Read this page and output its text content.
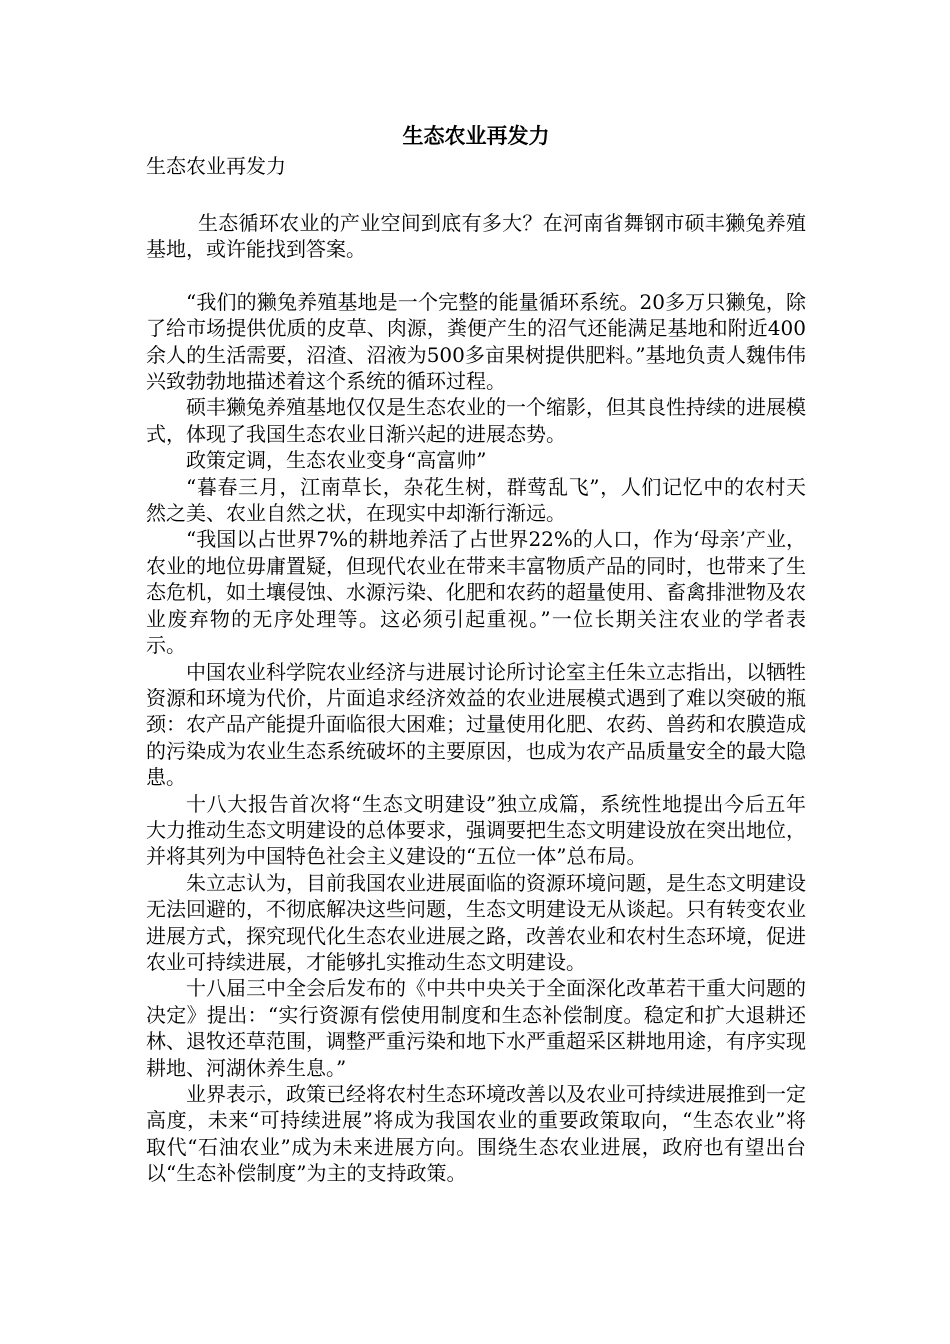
生态农业再发力

生态农业再发力

生态循环农业的产业空间到底有多大？在河南省舞钢市硕丰獭兔养殖基地，或许能找到答案。

“我们的獭兔养殖基地是一个完整的能量循环系统。20多万只獭兔，除了给市场提供优质的皮草、肉源，粪便产生的沼气还能满足基地和附近400余人的生活需要，沼渣、沼液为500多亩果树提供肥料。”基地负责人魏伟伟兴致勃勃地描述着这个系统的循环过程。

硕丰獭兔养殖基地仅仅是生态农业的一个缩影，但其良性持续的进展模式，体现了我国生态农业日渐兴起的进展态势。

政策定调，生态农业变身“高富帅”

“暮春三月，江南草长，杂花生树，群莺乱飞”，人们记忆中的农村天然之美、农业自然之状，在现实中却渐行渐远。

“我国以占世界7%的耕地养活了占世界22%的人口，作为‘母亲’产业，农业的地位毋庸置疑，但现代农业在带来丰富物质产品的同时，也带来了生态危机，如土壤侵蚀、水源污染、化肥和农药的超量使用、畜禽排泄物及农业废弃物的无序处理等。这必须引起重视。”一位长期关注农业的学者表示。

中国农业科学院农业经济与进展讨论所讨论室主任朱立志指出，以牺牲资源和环境为代价，片面追求经济效益的农业进展模式遇到了难以突破的瓶颈：农产品产能提升面临很大困难；过量使用化肥、农药、兽药和农膜造成的污染成为农业生态系统破坏的主要原因，也成为农产品质量安全的最大隐患。

十八大报告首次将“生态文明建设”独立成篇，系统性地提出今后五年大力推动生态文明建设的总体要求，强调要把生态文明建设放在突出地位，并将其列为中国特色社会主义建设的“五位一体”总布局。

朱立志认为，目前我国农业进展面临的资源环境问题，是生态文明建设无法回避的，不彻底解决这些问题，生态文明建设无从谈起。只有转变农业进展方式，探究现代化生态农业进展之路，改善农业和农村生态环境，促进农业可持续进展，才能够扎实推动生态文明建设。

十八届三中全会后发布的《中共中央关于全面深化改革若干重大问题的决定》提出：“实行资源有偿使用制度和生态补偿制度。稳定和扩大退耕还林、退牧还草范围，调整严重污染和地下水严重超采区耕地用途，有序实现耕地、河湖休养生息。”

业界表示，政策已经将农村生态环境改善以及农业可持续进展推到一定高度，未来“可持续进展”将成为我国农业的重要政策取向，“生态农业”将取代“石油农业”成为未来进展方向。围绕生态农业进展，政府也有望出台以“生态补偿制度”为主的支持政策。
